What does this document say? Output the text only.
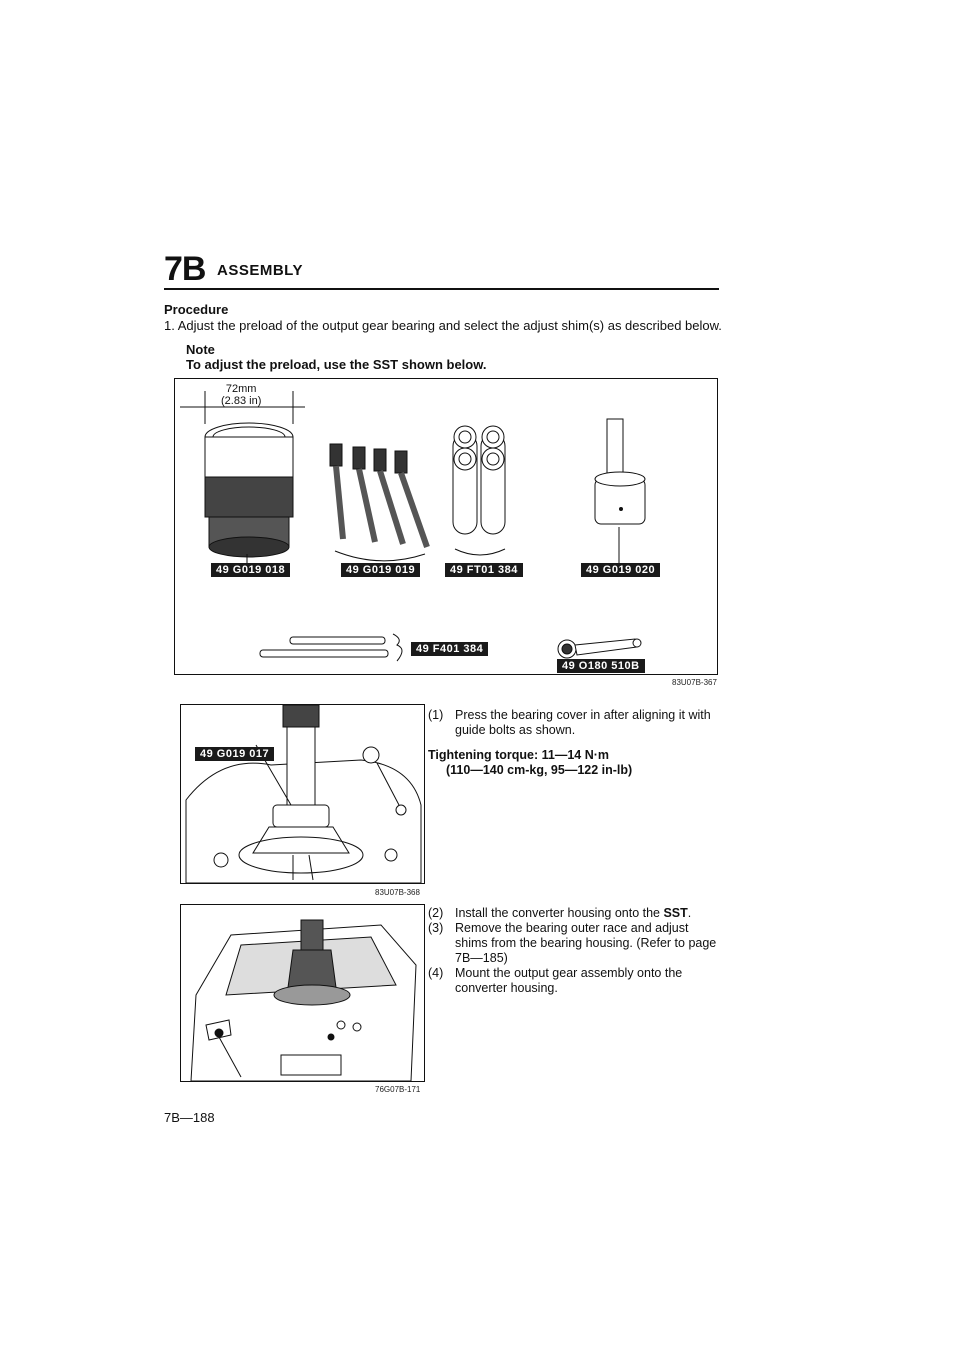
7B ASSEMBLY
Procedure
1. Adjust the preload of the output gear bearing and select the adjust shim(s) as described below.
Note
To adjust the preload, use the SST shown below.
72mm
(2.83 in)
49 G019 018	49 G019 019	49 FT01 384	49 G019 020
49 F401 384
49 O180 510B
83U07B-367
49 G019 017
83U07B-368
76G07B-171
(1) Press the bearing cover in after aligning it with guide bolts as shown.
Tightening torque: 11—14 N·m
(110—140 cm-kg, 95—122 in-lb)
(2) Install the converter housing onto the SST.
(3) Remove the bearing outer race and adjust shims from the bearing housing. (Refer to page 7B—185)
(4) Mount the output gear assembly onto the converter housing.
7B—188
